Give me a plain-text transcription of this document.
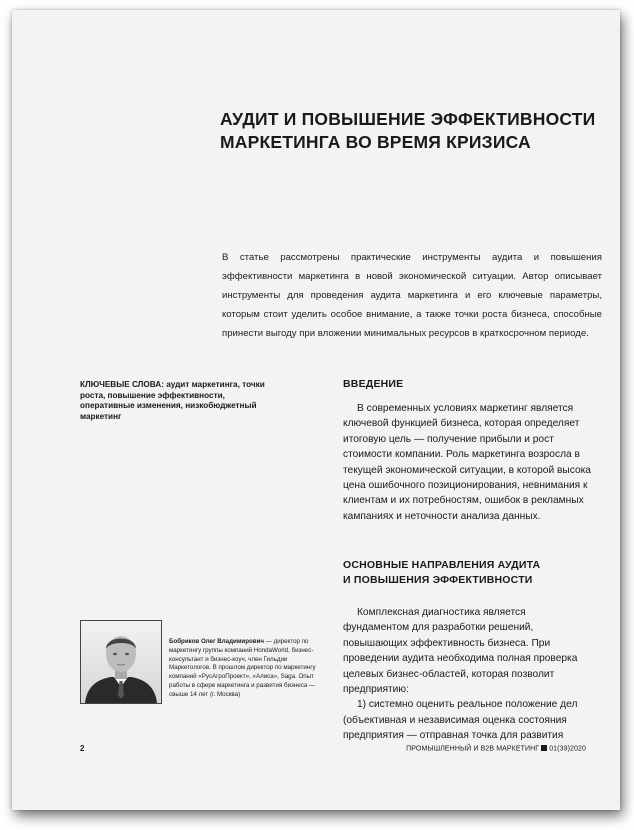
АУДИТ И ПОВЫШЕНИЕ ЭФФЕКТИВНОСТИ
МАРКЕТИНГА ВО ВРЕМЯ КРИЗИСА
В статье рассмотрены практические инструменты аудита и повышения эффективности маркетинга в новой экономической ситуации. Автор описывает инструменты для проведения аудита маркетинга и его ключевые параметры, которым стоит уделить особое внимание, а также точки роста бизнеса, способные принести выгоду при вложении минимальных ресурсов в краткосрочном периоде.
КЛЮЧЕВЫЕ СЛОВА: аудит маркетинга, точки роста, повышение эффективности, оперативные изменения, низкобюджетный маркетинг
ВВЕДЕНИЕ

В современных условиях маркетинг является ключевой функцией бизнеса, которая определяет итоговую цель — получение прибыли и рост стоимости компании. Роль маркетинга возросла в текущей экономической ситуации, в которой высока цена ошибочного позиционирования, невнимания к клиентам и их потребностям, ошибок в рекламных кампаниях и неточности анализа данных.

ОСНОВНЫЕ НАПРАВЛЕНИЯ АУДИТА
И ПОВЫШЕНИЯ ЭФФЕКТИВНОСТИ

Комплексная диагностика является фундаментом для разработки решений, повышающих эффективность бизнеса. При проведении аудита необходима полная проверка целевых бизнес-областей, которая позволит предприятию:

1) системно оценить реальное положение дел (объективная и независимая оценка состояния предприятия — отправная точка для развития

Бобриков Олег Владимирович — директор по маркетингу группы компаний HondaWorld, бизнес-консультант и бизнес-коуч, член Гильдии Маркетологов. В прошлом директор по маркетингу компаний «РусАгроПроект», «Алиса», Saga. Опыт работы в сфере маркетинга и развития бизнеса — свыше 14 лет (г. Москва)
2	ПРОМЫШЛЕННЫЙ И B2B МАРКЕТИНГ 01(39)2020
